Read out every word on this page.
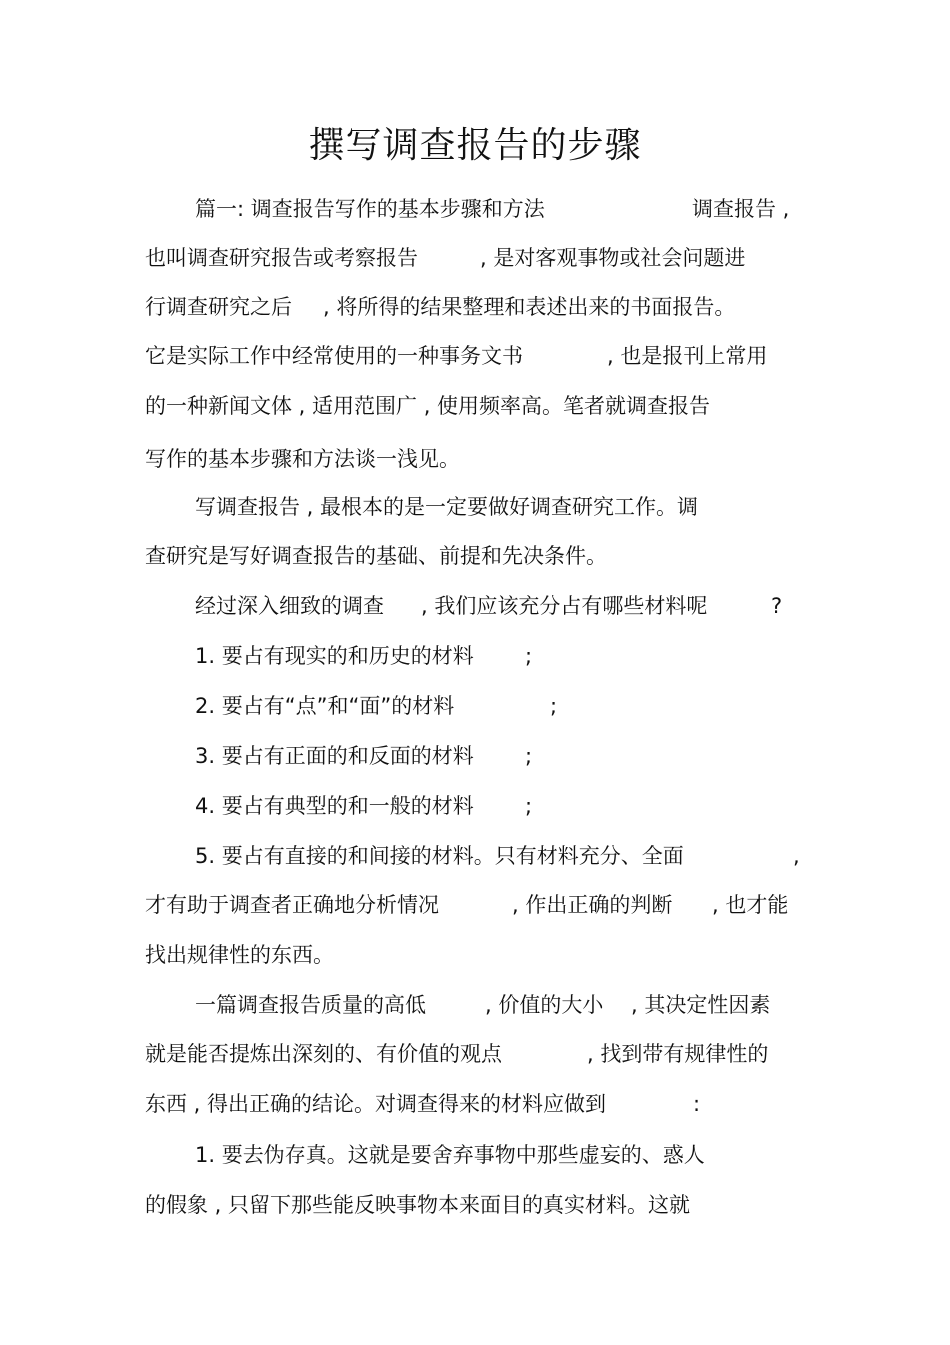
撰写调查报告的步骤

篇一: 调查报告写作的基本步骤和方法

	调查报告 ,

也叫调查研究报告或考察报告

	, 是对客观事物或社会问题进

行调查研究之后

, 将所得的结果整理和表述出来的书面报告。

它是实际工作中经常使用的一种事务文书

	, 也是报刊上常用

的一种新闻文体 , 适用范围广 , 使用频率高。笔者就调查报告
写作的基本步骤和方法谈一浅见。
写调查报告 , 最根本的是一定要做好调查研究工作。调
查研究是写好调查报告的基础、前提和先决条件。

经过深入细致的调查

, 我们应该充分占有哪些材料呢

	?

1. 要占有现实的和历史的材料

;

2. 要占有“点”和“面”的材料

	;

3. 要占有正面的和反面的材料

;

4. 要占有典型的和一般的材料

;

5. 要占有直接的和间接的材料。只有材料充分、全面

	,

才有助于调查者正确地分析情况

	, 作出正确的判断

, 也才能

找出规律性的东西。

一篇调查报告质量的高低

	, 价值的大小

, 其决定性因素

就是能否提炼出深刻的、有价值的观点

	, 找到带有规律性的

东西 , 得出正确的结论。对调查得来的材料应做到

	:

1. 要去伪存真。这就是要舍弃事物中那些虚妄的、惑人
的假象 , 只留下那些能反映事物本来面目的真实材料。这就
